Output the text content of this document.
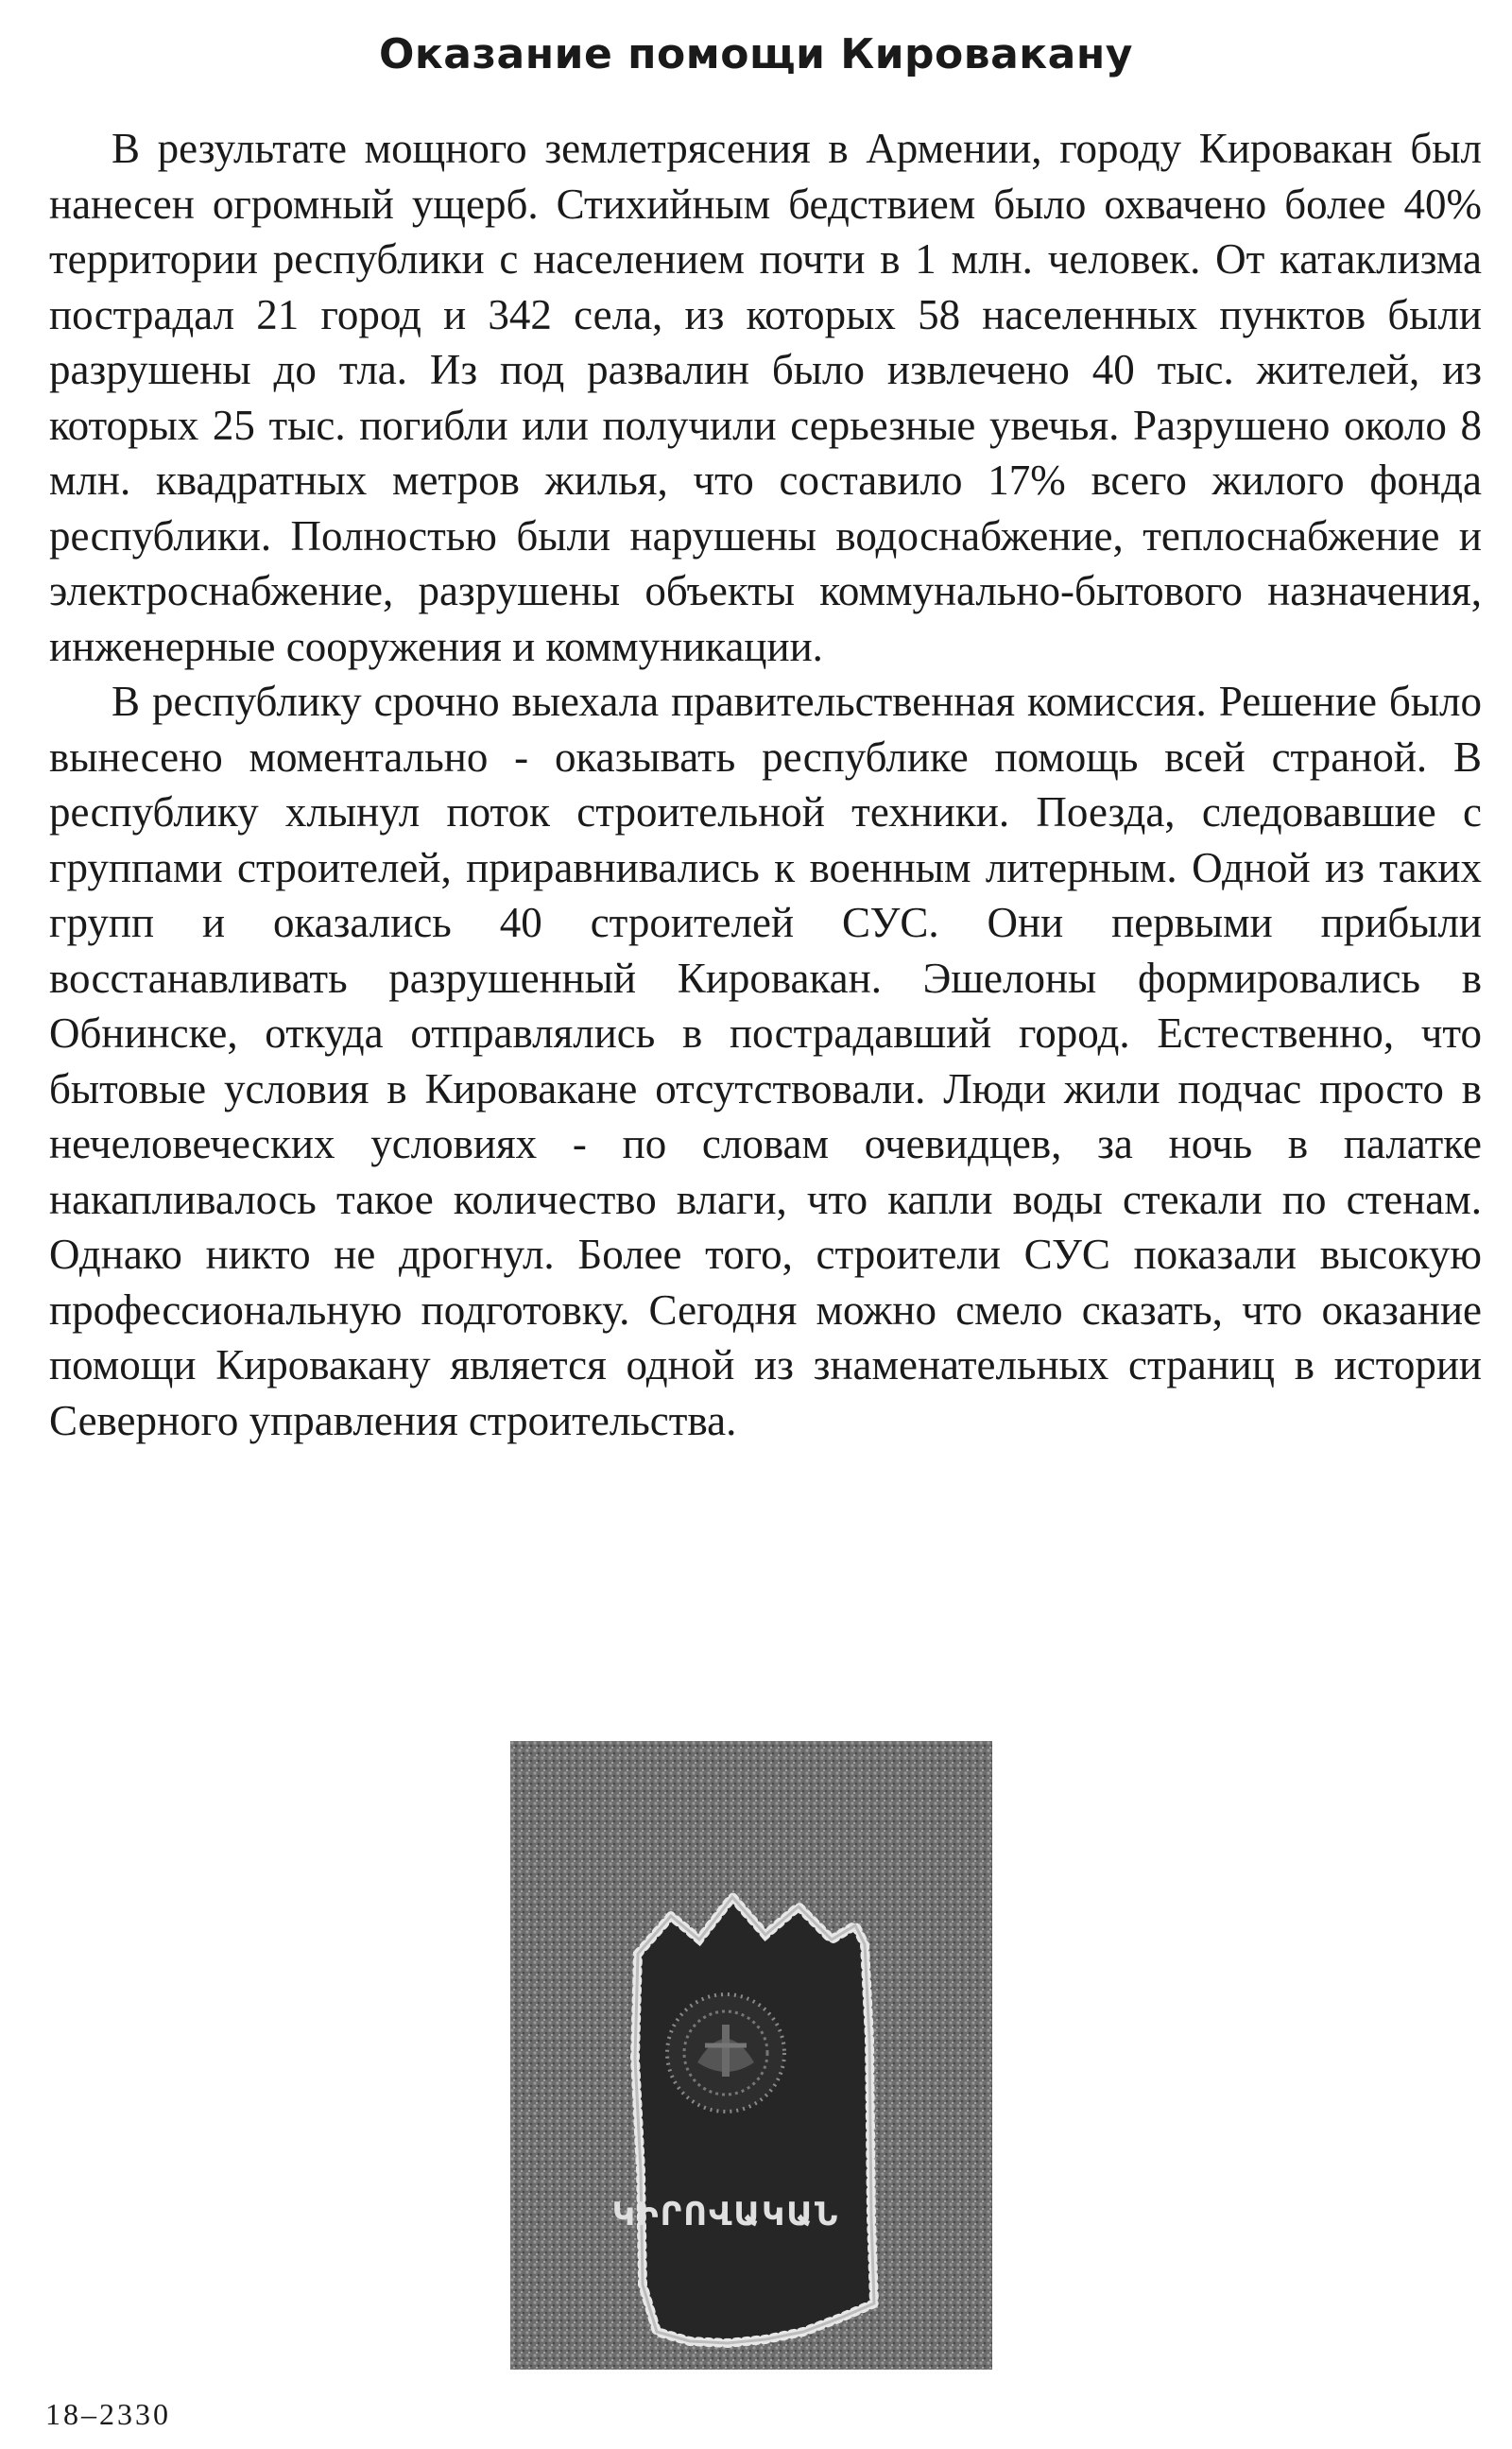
Оказание помощи Кировакану

В результате мощного землетрясения в Армении, городу Кировакан был нанесен огромный ущерб. Стихийным бедствием было охвачено более 40% территории республики с населением почти в 1 млн. человек. От катаклизма пострадал 21 город и 342 села, из которых 58 населенных пунктов были разрушены до тла. Из под развалин было извлечено 40 тыс. жителей, из которых 25 тыс. погибли или получили серьезные увечья. Разрушено около 8 млн. квадратных метров жилья, что составило 17% всего жилого фонда республики. Полностью были нарушены водоснабжение, теплоснабжение и электроснабжение, разрушены объекты коммунально-бытового назначения, инженерные сооружения и коммуникации.

В республику срочно выехала правительственная комиссия. Решение было вынесено моментально - оказывать республике помощь всей страной. В республику хлынул поток строительной техники. Поезда, следовавшие с группами строителей, приравнивались к военным литерным. Одной из таких групп и оказались 40 строителей СУС. Они первыми прибыли восстанавливать разрушенный Кировакан. Эшелоны формировались в Обнинске, откуда отправлялись в пострадавший город. Естественно, что бытовые условия в Кировакане отсутствовали. Люди жили подчас просто в нечеловеческих условиях - по словам очевидцев, за ночь в палатке накапливалось такое количество влаги, что капли воды стекали по стенам. Однако никто не дрогнул. Более того, строители СУС показали высокую профессиональную подготовку. Сегодня можно смело сказать, что оказание помощи Кировакану является одной из знаменательных страниц в истории Северного управления строительства.

ԿԻՐՈՎԱԿԱՆ
18–2330
